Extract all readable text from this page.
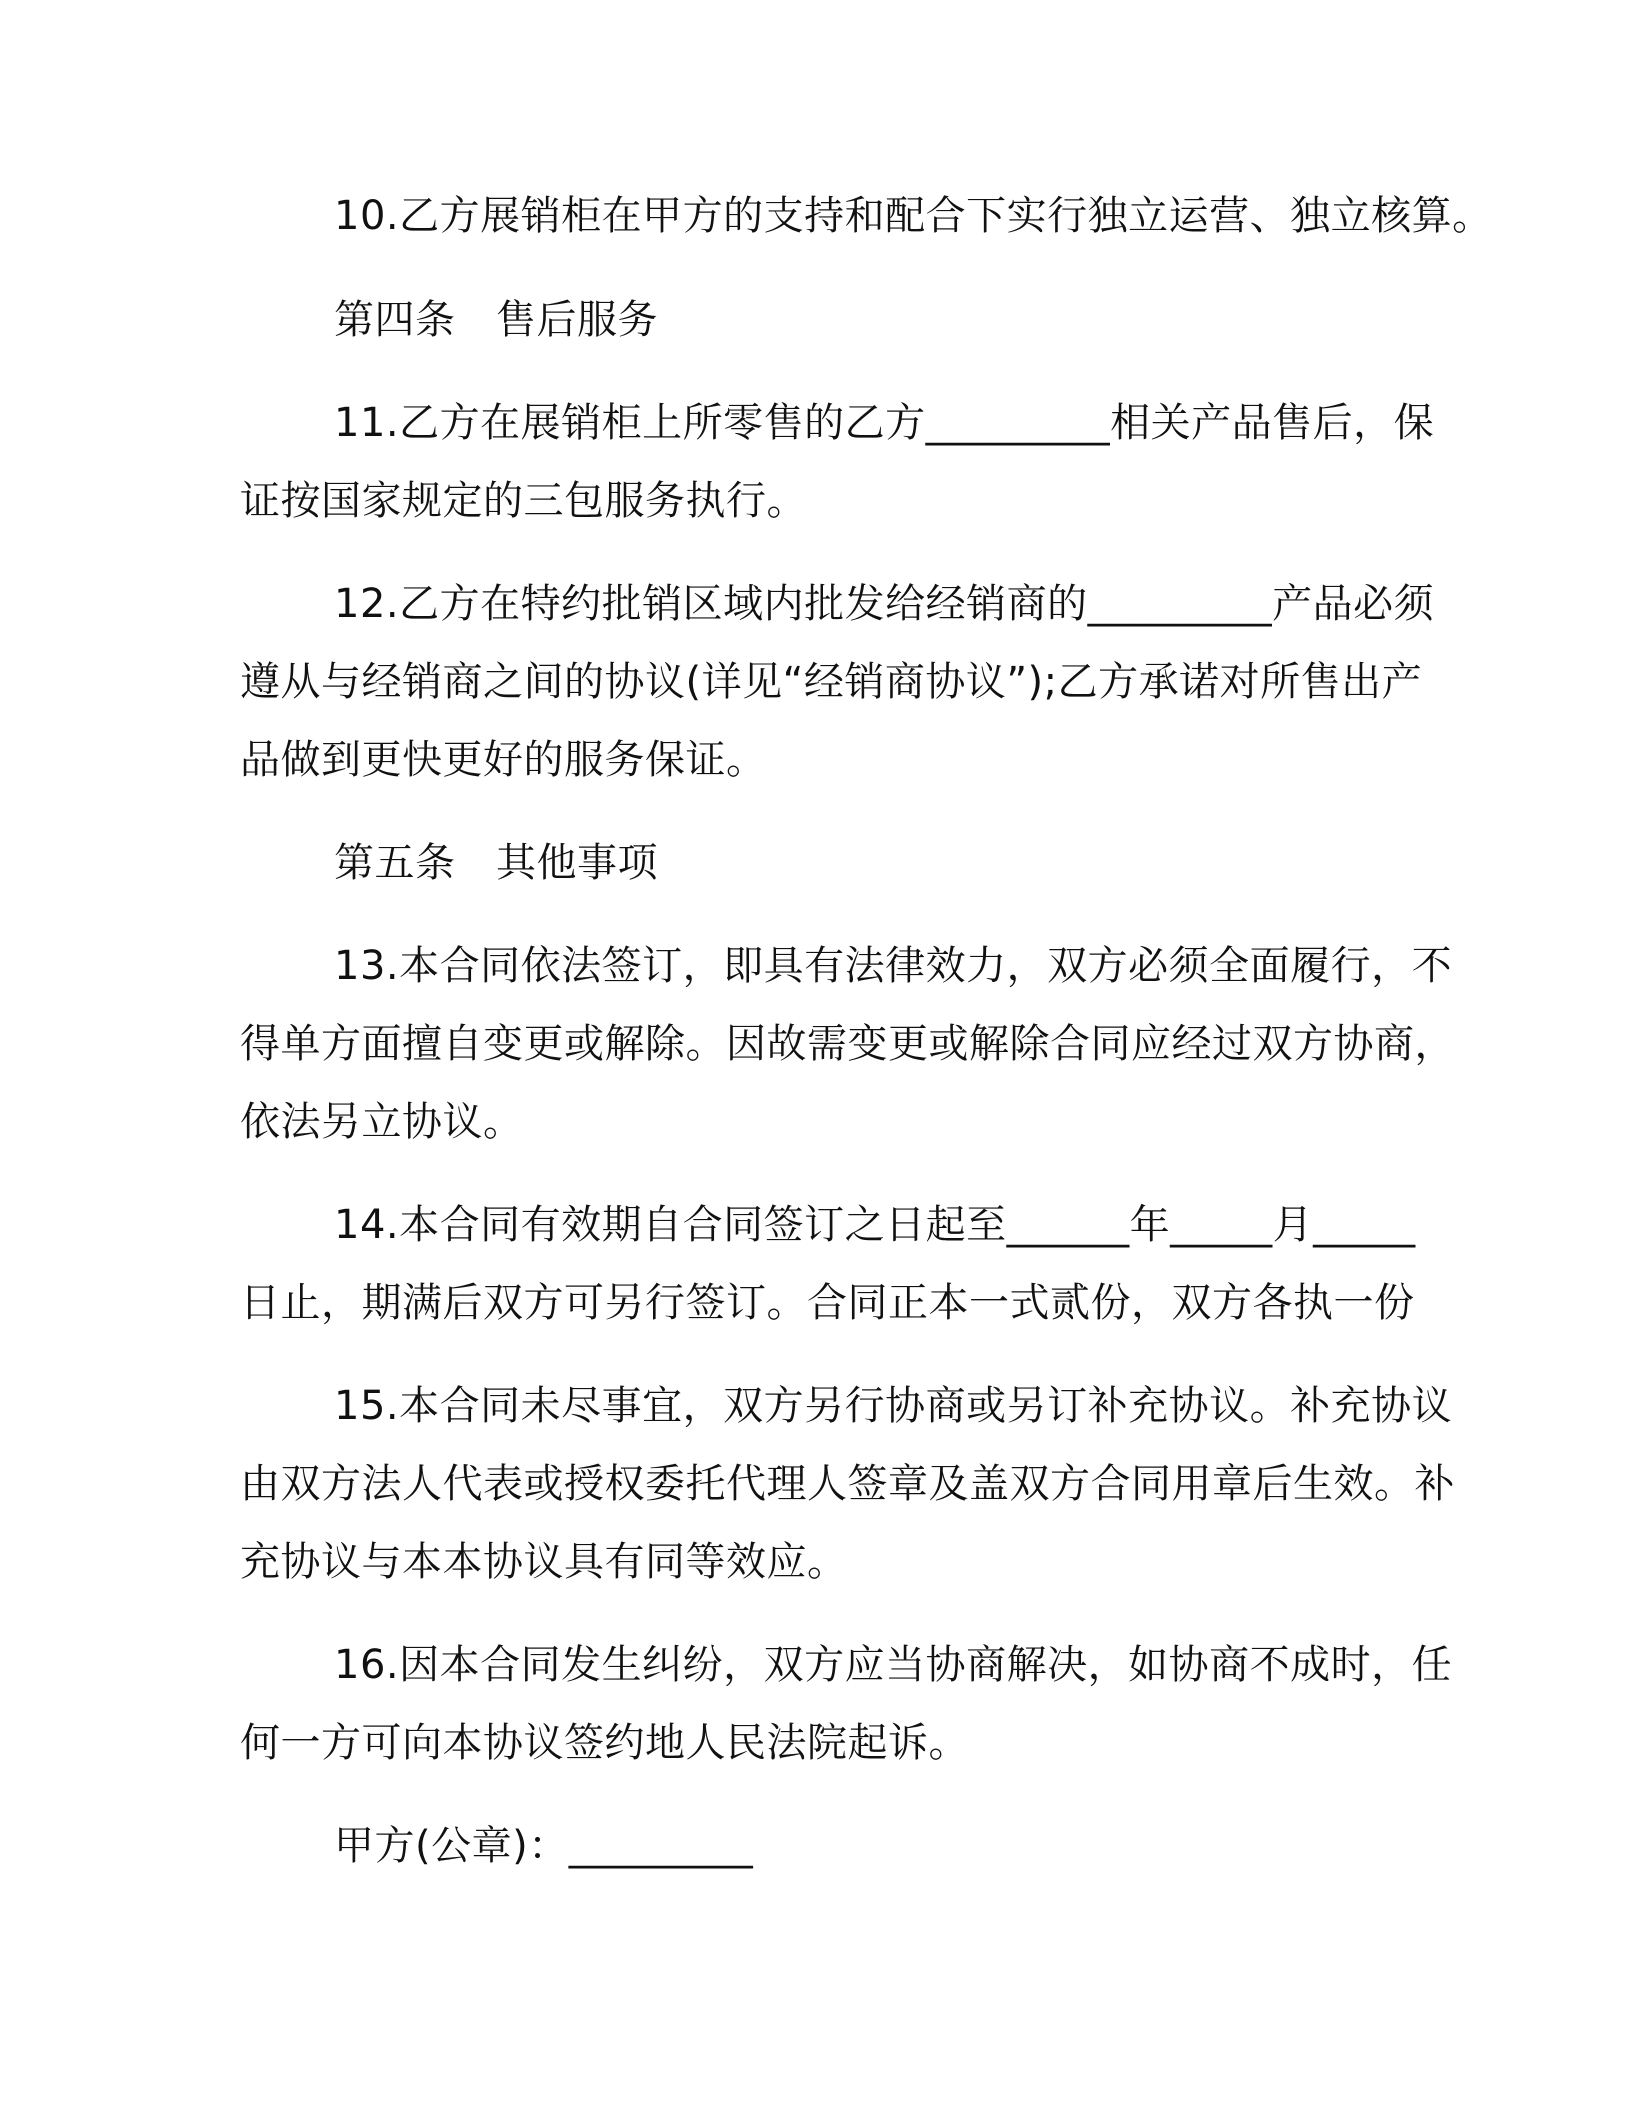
10.乙方展销柜在甲方的支持和配合下实行独立运营、独立核算。
第四条　售后服务
11.乙方在展销柜上所零售的乙方_________相关产品售后，保
证按国家规定的三包服务执行。
12.乙方在特约批销区域内批发给经销商的_________产品必须
遵从与经销商之间的协议(详见“经销商协议”);乙方承诺对所售出产
品做到更快更好的服务保证。
第五条　其他事项
13.本合同依法签订，即具有法律效力，双方必须全面履行，不
得单方面擅自变更或解除。因故需变更或解除合同应经过双方协商，
依法另立协议。
14.本合同有效期自合同签订之日起至______年_____月_____
日止，期满后双方可另行签订。合同正本一式贰份，双方各执一份
15.本合同未尽事宜，双方另行协商或另订补充协议。补充协议
由双方法人代表或授权委托代理人签章及盖双方合同用章后生效。补
充协议与本本协议具有同等效应。
16.因本合同发生纠纷，双方应当协商解决，如协商不成时，任
何一方可向本协议签约地人民法院起诉。
甲方(公章)：_________
